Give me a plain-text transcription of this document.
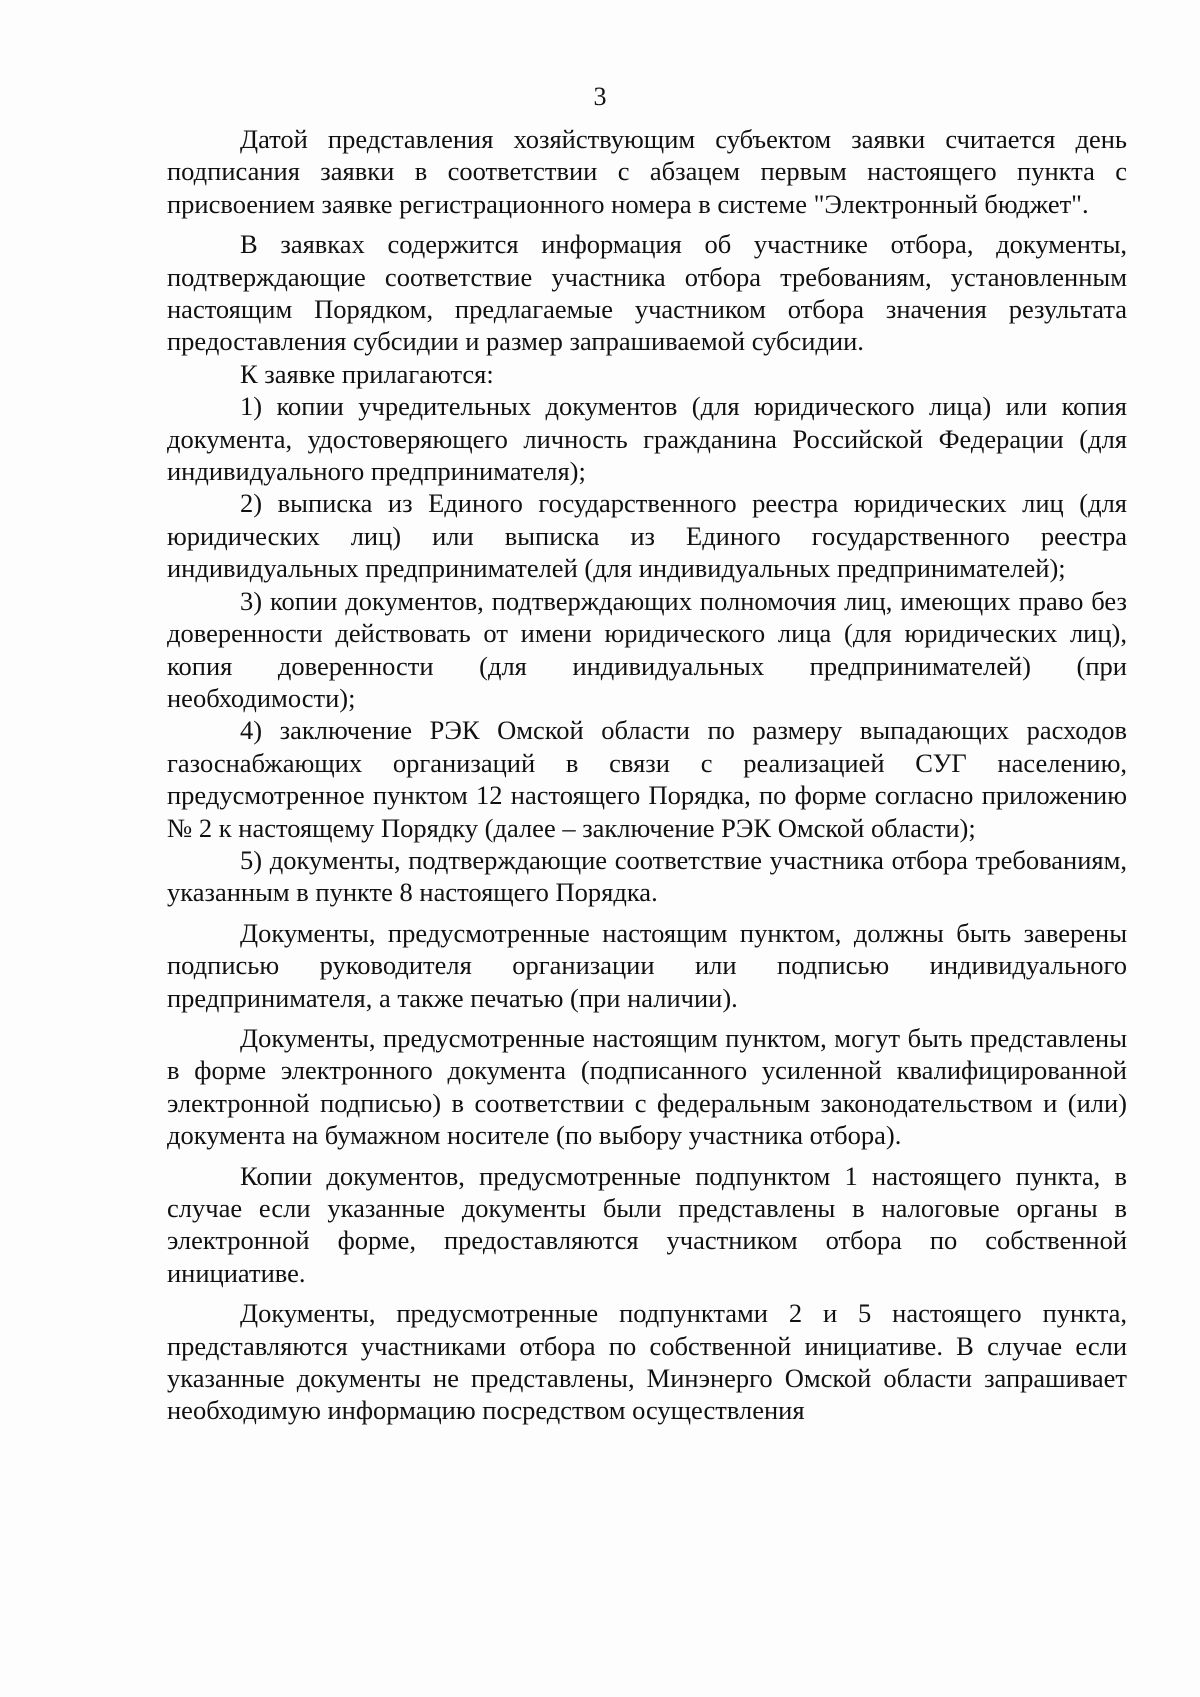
3

Датой представления хозяйствующим субъектом заявки считается день подписания заявки в соответствии с абзацем первым настоящего пункта с присвоением заявке регистрационного номера в системе "Электронный бюджет".

В заявках содержится информация об участнике отбора, документы, подтверждающие соответствие участника отбора требованиям, установленным настоящим Порядком, предлагаемые участником отбора значения результата предоставления субсидии и размер запрашиваемой субсидии.

К заявке прилагаются:

1) копии учредительных документов (для юридического лица) или копия документа, удостоверяющего личность гражданина Российской Федерации (для индивидуального предпринимателя);

2) выписка из Единого государственного реестра юридических лиц (для юридических лиц) или выписка из Единого государственного реестра индивидуальных предпринимателей (для индивидуальных предпринимателей);

3) копии документов, подтверждающих полномочия лиц, имеющих право без доверенности действовать от имени юридического лица (для юридических лиц), копия доверенности (для индивидуальных предпринимателей) (при необходимости);

4) заключение РЭК Омской области по размеру выпадающих расходов газоснабжающих организаций в связи с реализацией СУГ населению, предусмотренное пунктом 12 настоящего Порядка, по форме согласно приложению № 2 к настоящему Порядку (далее – заключение РЭК Омской области);

5) документы, подтверждающие соответствие участника отбора требованиям, указанным в пункте 8 настоящего Порядка.

Документы, предусмотренные настоящим пунктом, должны быть заверены подписью руководителя организации или подписью индивидуального предпринимателя, а также печатью (при наличии).

Документы, предусмотренные настоящим пунктом, могут быть представлены в форме электронного документа (подписанного усиленной квалифицированной электронной подписью) в соответствии с федеральным законодательством и (или) документа на бумажном носителе (по выбору участника отбора).

Копии документов, предусмотренные подпунктом 1 настоящего пункта, в случае если указанные документы были представлены в налоговые органы в электронной форме, предоставляются участником отбора по собственной инициативе.

Документы, предусмотренные подпунктами 2 и 5 настоящего пункта, представляются участниками отбора по собственной инициативе. В случае если указанные документы не представлены, Минэнерго Омской области запрашивает необходимую информацию посредством осуществления
